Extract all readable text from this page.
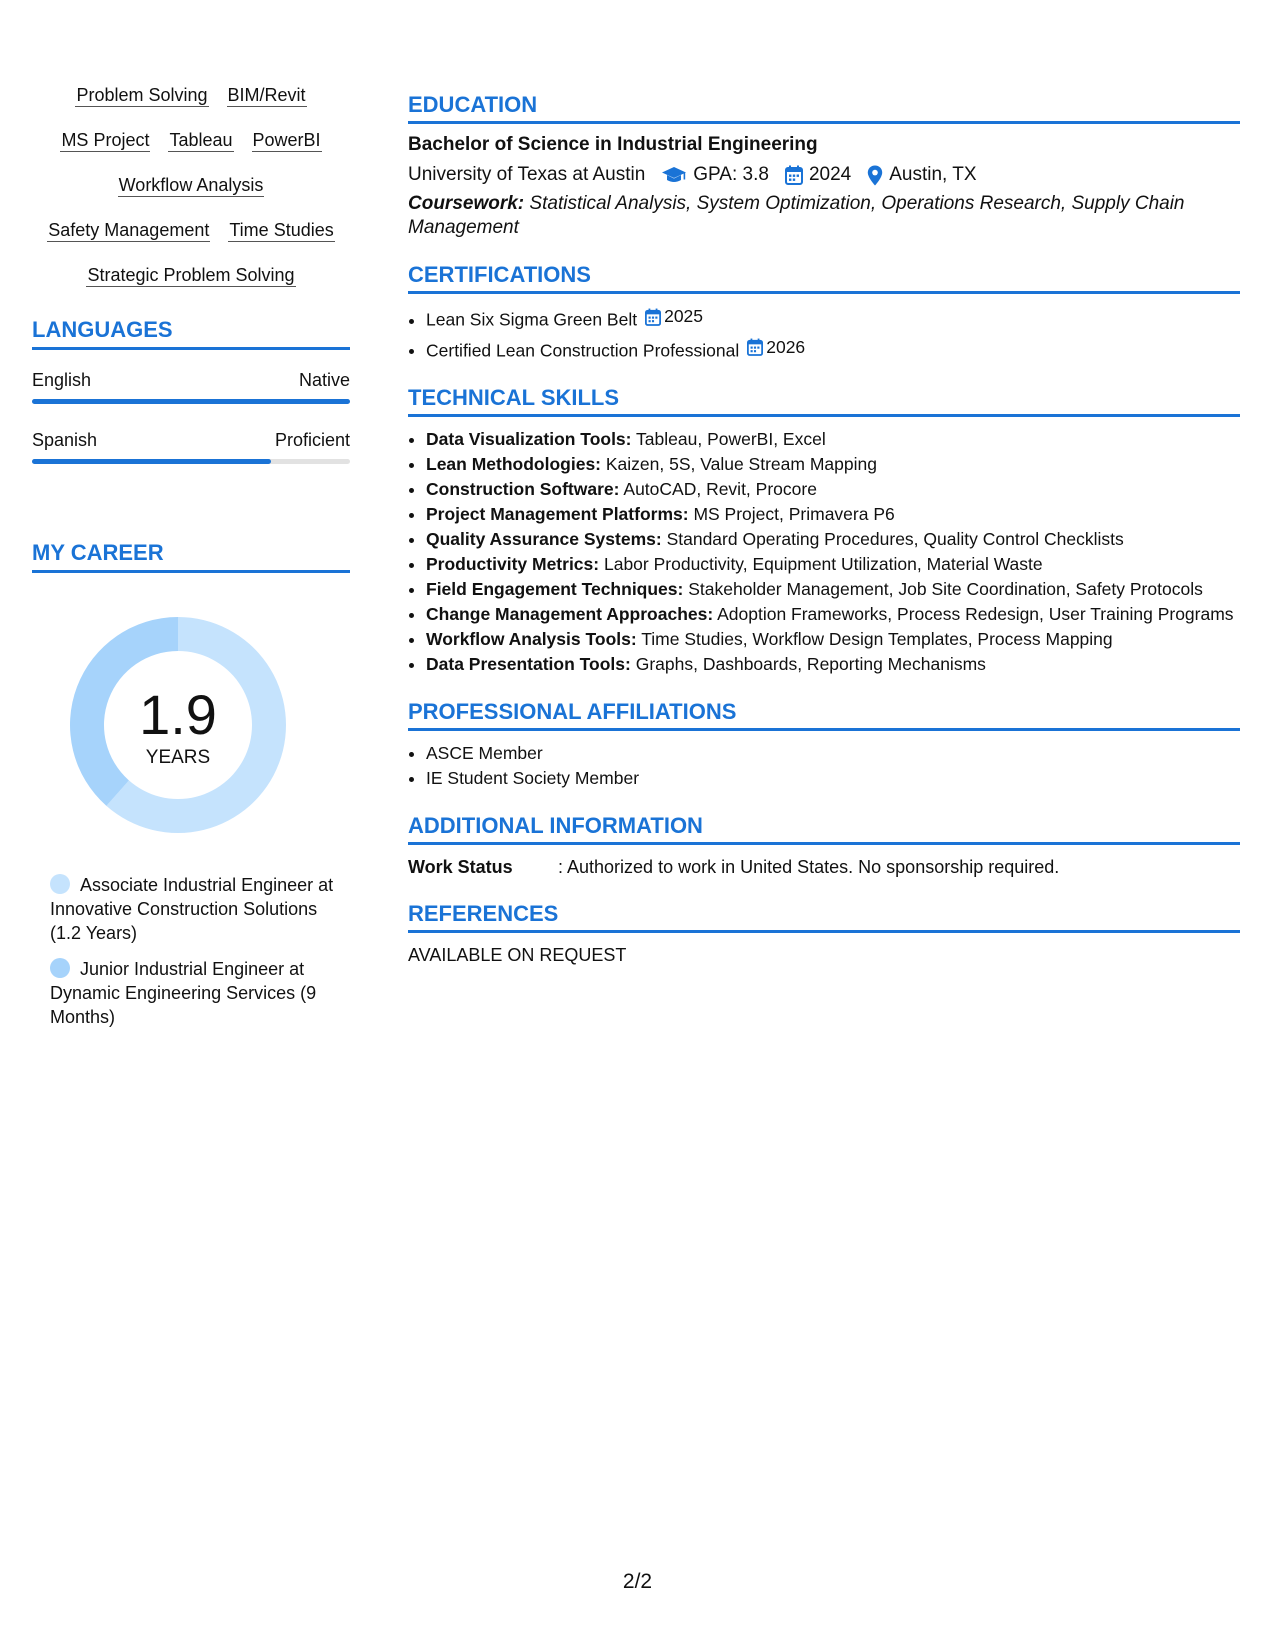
Problem Solving BIM/Revit
MS Project Tableau PowerBI
Workflow Analysis
Safety Management Time Studies
Strategic Problem Solving
LANGUAGES
English	Native
Spanish	Proficient
MY CAREER
1.9
YEARS
Associate Industrial Engineer at Innovative Construction Solutions (1.2 Years)
Junior Industrial Engineer at Dynamic Engineering Services (9 Months)
EDUCATION
Bachelor of Science in Industrial Engineering
University of Texas at Austin	GPA: 3.8 2024 Austin, TX
Coursework: Statistical Analysis, System Optimization, Operations Research, Supply Chain Management
CERTIFICATIONS
• Lean Six Sigma Green Belt 2025
• Certified Lean Construction Professional 2026
TECHNICAL SKILLS
• Data Visualization Tools: Tableau, PowerBI, Excel
• Lean Methodologies: Kaizen, 5S, Value Stream Mapping
• Construction Software: AutoCAD, Revit, Procore
• Project Management Platforms: MS Project, Primavera P6
• Quality Assurance Systems: Standard Operating Procedures, Quality Control Checklists
• Productivity Metrics: Labor Productivity, Equipment Utilization, Material Waste
• Field Engagement Techniques: Stakeholder Management, Job Site Coordination, Safety Protocols
• Change Management Approaches: Adoption Frameworks, Process Redesign, User Training Programs
• Workflow Analysis Tools: Time Studies, Workflow Design Templates, Process Mapping
• Data Presentation Tools: Graphs, Dashboards, Reporting Mechanisms
PROFESSIONAL AFFILIATIONS
• ASCE Member
• IE Student Society Member
ADDITIONAL INFORMATION
Work Status	: Authorized to work in United States. No sponsorship required.
REFERENCES
AVAILABLE ON REQUEST
2/2
